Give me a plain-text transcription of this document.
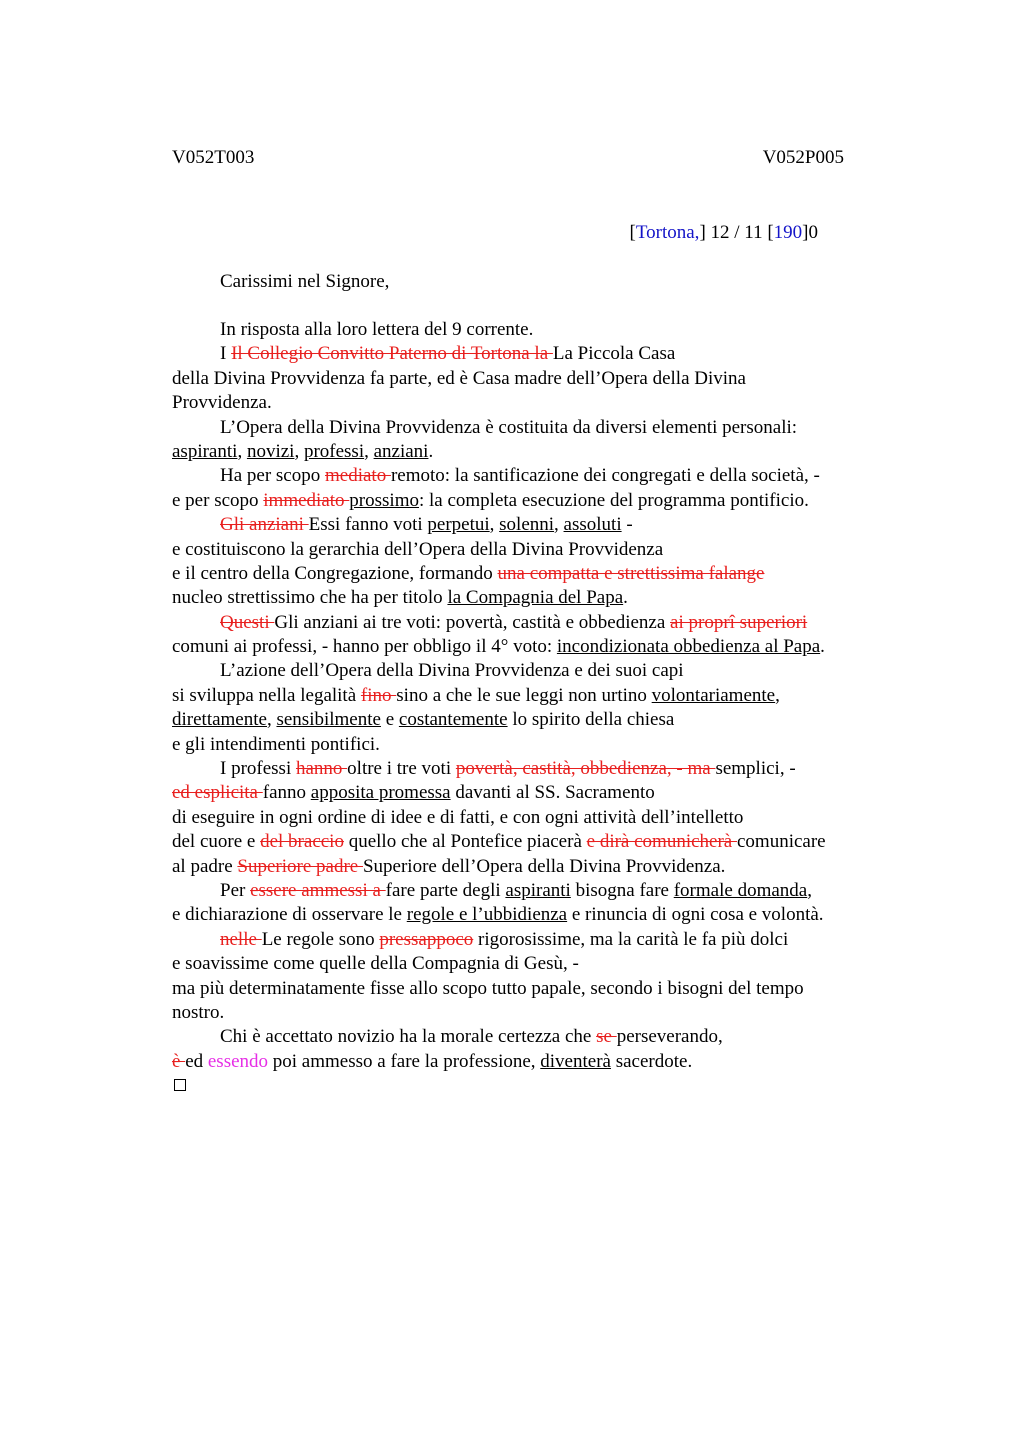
V052T003	V052P005
[Tortona,] 12 / 11 [190]0
Carissimi nel Signore,
In risposta alla loro lettera del 9 corrente.
I Il Collegio Convitto Paterno di Tortona la La Piccola Casa
della Divina Provvidenza fa parte, ed è Casa madre dell’Opera della Divina
Provvidenza.
L’Opera della Divina Provvidenza è costituita da diversi elementi personali:
aspiranti, novizi, professi, anziani.
Ha per scopo mediato remoto: la santificazione dei congregati e della società, -
e per scopo immediato prossimo: la completa esecuzione del programma pontificio.
Gli anziani Essi fanno voti perpetui, solenni, assoluti -
e costituiscono la gerarchia dell’Opera della Divina Provvidenza
e il centro della Congregazione, formando una compatta e strettissima falange
nucleo strettissimo che ha per titolo la Compagnia del Papa.
Questi Gli anziani ai tre voti: povertà, castità e obbedienza ai proprî superiori
comuni ai professi, - hanno per obbligo il 4° voto: incondizionata obbedienza al Papa.
L’azione dell’Opera della Divina Provvidenza e dei suoi capi
si sviluppa nella legalità fino sino a che le sue leggi non urtino volontariamente,
direttamente, sensibilmente e costantemente lo spirito della chiesa
e gli intendimenti pontifici.
I professi hanno oltre i tre voti povertà, castità, obbedienza, - ma semplici, -
ed esplicita fanno apposita promessa davanti al SS. Sacramento
di eseguire in ogni ordine di idee e di fatti, e con ogni attività dell’intelletto
del cuore e del braccio quello che al Pontefice piacerà e dirà comunicherà comunicare
al padre Superiore padre Superiore dell’Opera della Divina Provvidenza.
Per essere ammessi a fare parte degli aspiranti bisogna fare formale domanda,
e dichiarazione di osservare le regole e l’ubbidienza e rinuncia di ogni cosa e volontà.
nelle Le regole sono pressappoco rigorosissime, ma la carità le fa più dolci
e soavissime come quelle della Compagnia di Gesù, -
ma più determinatamente fisse allo scopo tutto papale, secondo i bisogni del tempo
nostro.
Chi è accettato novizio ha la morale certezza che se perseverando,
è ed essendo poi ammesso a fare la professione, diventerà sacerdote.
